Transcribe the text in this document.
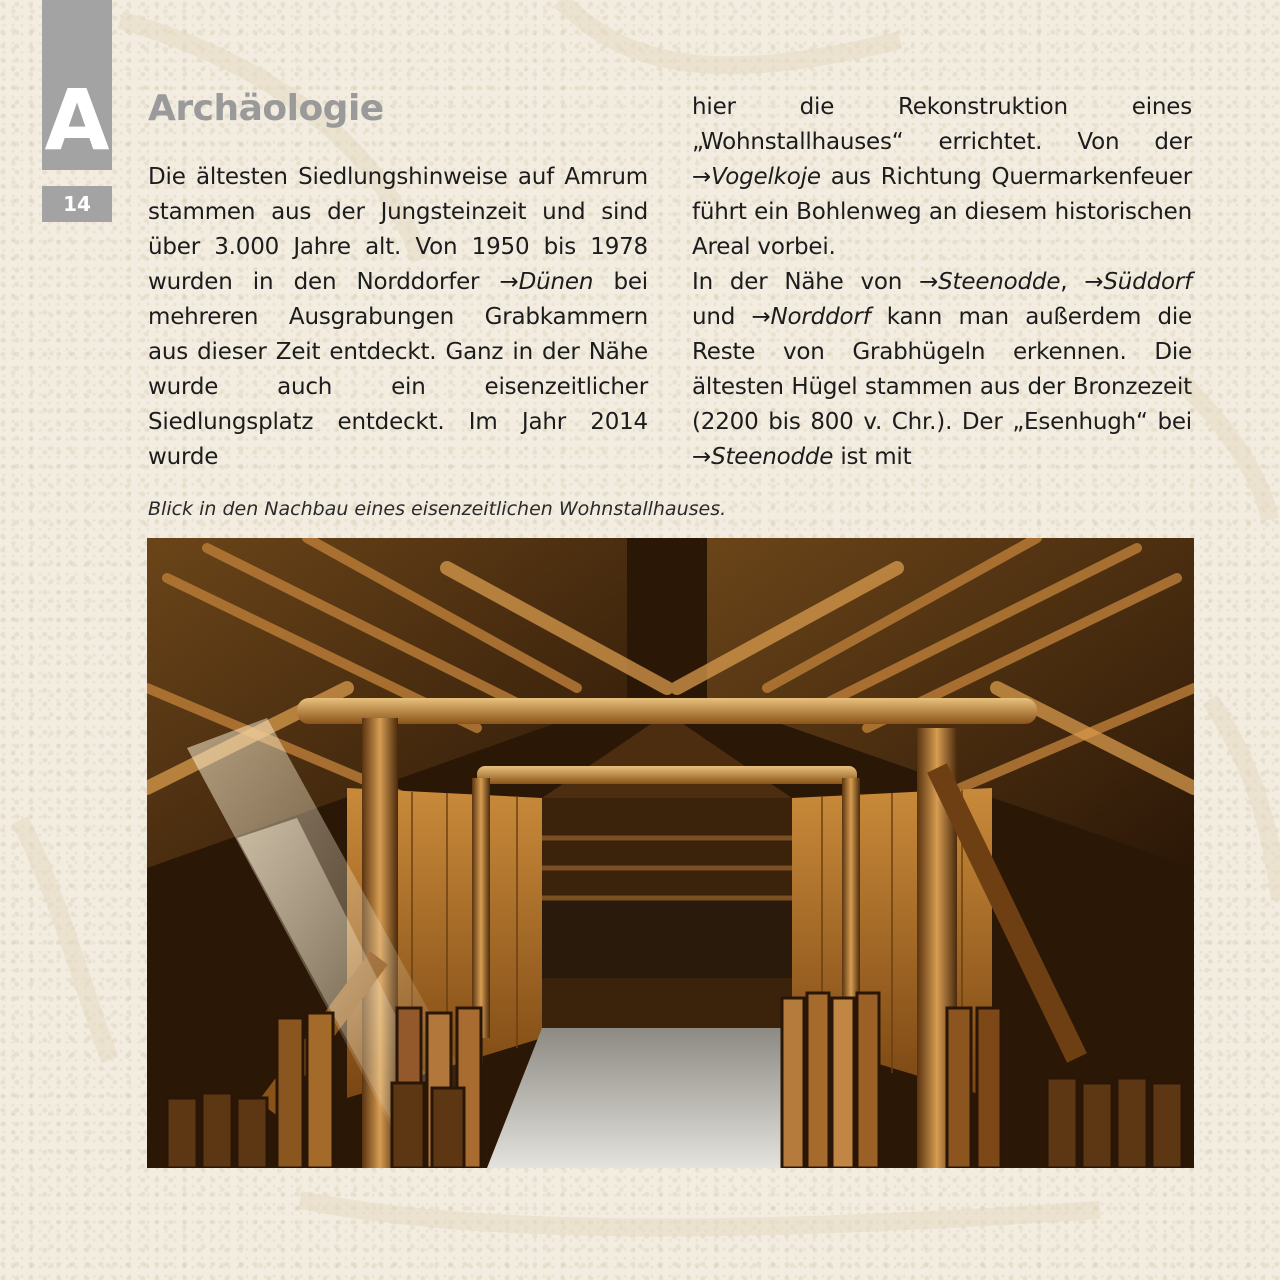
A
14
Archäologie

Die ältesten Siedlungshinweise auf Amrum stammen aus der Jungsteinzeit und sind über 3.000 Jahre alt. Von 1950 bis 1978 wurden in den Norddorfer →Dünen bei mehreren Ausgrabungen Grabkammern aus dieser Zeit entdeckt. Ganz in der Nähe wurde auch ein eisenzeitlicher Siedlungsplatz entdeckt. Im Jahr 2014 wurde

hier die Rekonstruktion eines „Wohnstallhauses“ errichtet. Von der →Vogelkoje aus Richtung Quermarkenfeuer führt ein Bohlenweg an diesem historischen Areal vorbei.

In der Nähe von →Steenodde, →Süddorf und →Norddorf kann man außerdem die Reste von Grabhügeln erkennen. Die ältesten Hügel stammen aus der Bronzezeit (2200 bis 800 v. Chr.). Der „Esenhugh“ bei →Steenodde ist mit

Blick in den Nachbau eines eisenzeitlichen Wohnstallhauses.
